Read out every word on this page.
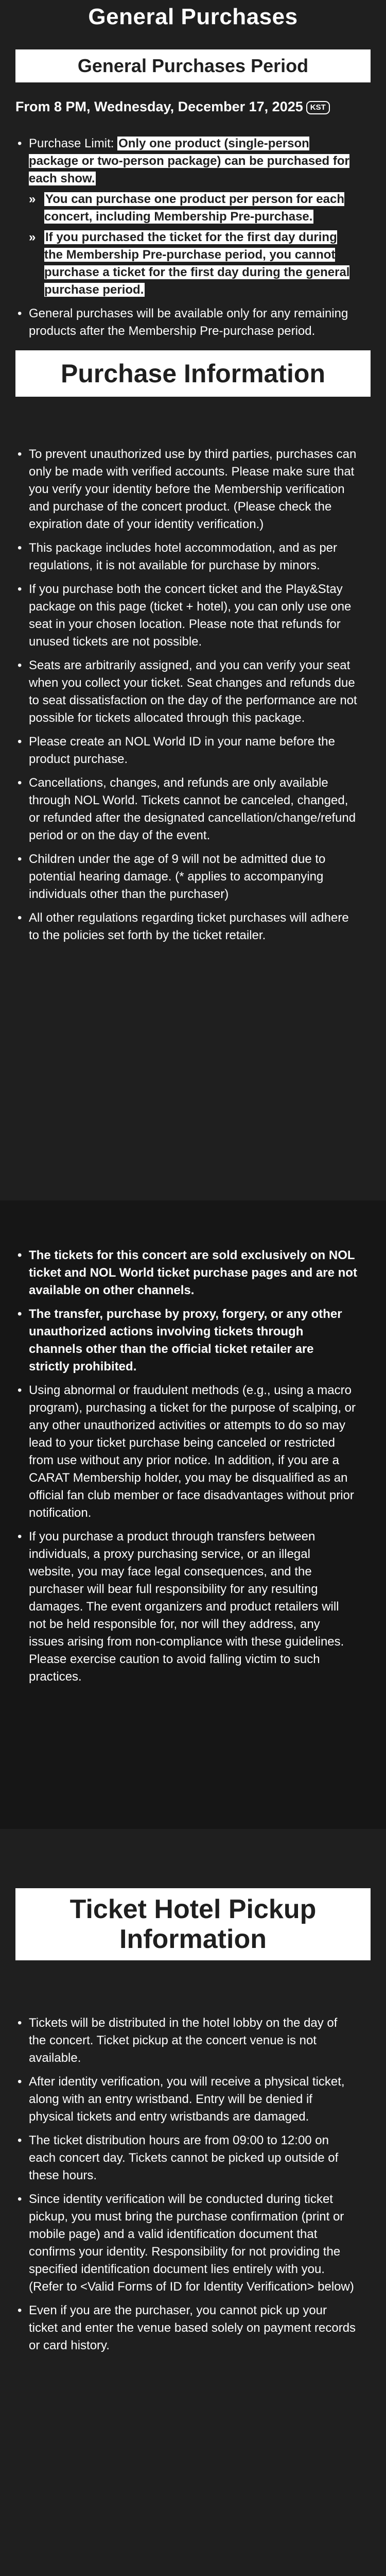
General Purchases
General Purchases Period
From 8 PM, Wednesday, December 17, 2025 KST
• Purchase Limit: Only one product (single-person package or two-person package) can be purchased for each show.
» You can purchase one product per person for each concert, including Membership Pre-purchase.
» If you purchased the ticket for the first day during the Membership Pre-purchase period, you cannot purchase a ticket for the first day during the general purchase period.
• General purchases will be available only for any remaining products after the Membership Pre-purchase period.
Purchase Information
• To prevent unauthorized use by third parties, purchases can only be made with verified accounts. Please make sure that you verify your identity before the Membership verification and purchase of the concert product. (Please check the expiration date of your identity verification.)
• This package includes hotel accommodation, and as per regulations, it is not available for purchase by minors.
• If you purchase both the concert ticket and the Play&Stay package on this page (ticket + hotel), you can only use one seat in your chosen location. Please note that refunds for unused tickets are not possible.
• Seats are arbitrarily assigned, and you can verify your seat when you collect your ticket. Seat changes and refunds due to seat dissatisfaction on the day of the performance are not possible for tickets allocated through this package.
• Please create an NOL World ID in your name before the product purchase.
• Cancellations, changes, and refunds are only available through NOL World. Tickets cannot be canceled, changed, or refunded after the designated cancellation/change/refund period or on the day of the event.
• Children under the age of 9 will not be admitted due to potential hearing damage. (* applies to accompanying individuals other than the purchaser)
• All other regulations regarding ticket purchases will adhere to the policies set forth by the ticket retailer.
• The tickets for this concert are sold exclusively on NOL ticket and NOL World ticket purchase pages and are not available on other channels.
• The transfer, purchase by proxy, forgery, or any other unauthorized actions involving tickets through channels other than the official ticket retailer are strictly prohibited.
• Using abnormal or fraudulent methods (e.g., using a macro program), purchasing a ticket for the purpose of scalping, or any other unauthorized activities or attempts to do so may lead to your ticket purchase being canceled or restricted from use without any prior notice. In addition, if you are a CARAT Membership holder, you may be disqualified as an official fan club member or face disadvantages without prior notification.
• If you purchase a product through transfers between individuals, a proxy purchasing service, or an illegal website, you may face legal consequences, and the purchaser will bear full responsibility for any resulting damages. The event organizers and product retailers will not be held responsible for, nor will they address, any issues arising from non-compliance with these guidelines. Please exercise caution to avoid falling victim to such practices.
Ticket Hotel Pickup
Information
• Tickets will be distributed in the hotel lobby on the day of the concert. Ticket pickup at the concert venue is not available.
• After identity verification, you will receive a physical ticket, along with an entry wristband. Entry will be denied if physical tickets and entry wristbands are damaged.
• The ticket distribution hours are from 09:00 to 12:00 on each concert day. Tickets cannot be picked up outside of these hours.
• Since identity verification will be conducted during ticket pickup, you must bring the purchase confirmation (print or mobile page) and a valid identification document that confirms your identity. Responsibility for not providing the specified identification document lies entirely with you. (Refer to <Valid Forms of ID for Identity Verification> below)
• Even if you are the purchaser, you cannot pick up your ticket and enter the venue based solely on payment records or card history.
